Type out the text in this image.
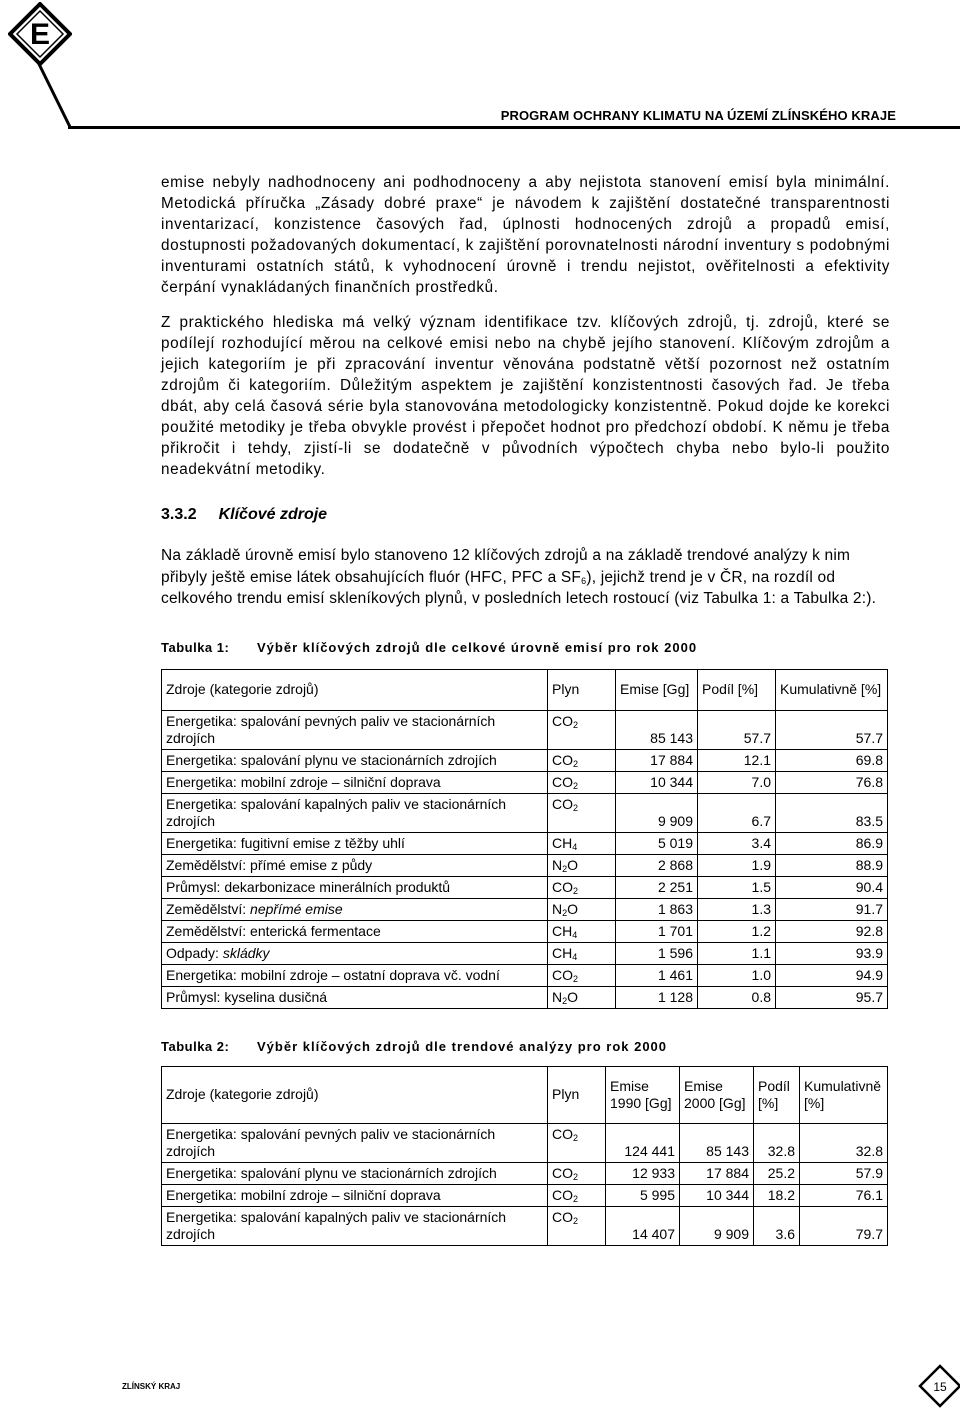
E
PROGRAM OCHRANY KLIMATU NA ÚZEMÍ ZLÍNSKÉHO KRAJE

emise nebyly nadhodnoceny ani podhodnoceny a aby nejistota stanovení emisí byla minimální. Metodická příručka „Zásady dobré praxe“ je návodem k zajištění dostatečné transparentnosti inventarizací, konzistence časových řad, úplnosti hodnocených zdrojů a propadů emisí, dostupnosti požadovaných dokumentací, k zajištění porovnatelnosti národní inventury s podobnými inventurami ostatních států, k vyhodnocení úrovně i trendu nejistot, ověřitelnosti a efektivity čerpání vynakládaných finančních prostředků.

Z praktického hlediska má velký význam identifikace tzv. klíčových zdrojů, tj. zdrojů, které se podílejí rozhodující měrou na celkové emisi nebo na chybě jejího stanovení. Klíčovým zdrojům a jejich kategoriím je při zpracování inventur věnována podstatně větší pozornost než ostatním zdrojům či kategoriím. Důležitým aspektem je zajištění konzistentnosti časových řad. Je třeba dbát, aby celá časová série byla stanovována metodologicky konzistentně. Pokud dojde ke korekci použité metodiky je třeba obvykle provést i přepočet hodnot pro předchozí období. K němu je třeba přikročit i tehdy, zjistí-li se dodatečně v původních výpočtech chyba nebo bylo-li použito neadekvátní metodiky.

3.3.2 Klíčové zdroje

Na základě úrovně emisí bylo stanoveno 12 klíčových zdrojů a na základě trendové analýzy k nim přibyly ještě emise látek obsahujících fluór (HFC, PFC a $SF_6$), jejichž trend je v ČR, na rozdíl od celkového trendu emisí skleníkových plynů, v posledních letech rostoucí (viz Tabulka 1: a Tabulka 2:).

Tabulka 1:	Výběr klíčových zdrojů dle celkové úrovně emisí pro rok 2000
Zdroje (kategorie zdrojů)	Plyn	Emise [Gg]	Podíl [%]	Kumulativně [%]
Energetika: spalování pevných paliv ve stacionárních zdrojích	$CO_2$	85 143	57.7	57.7
Energetika: spalování plynu ve stacionárních zdrojích	$CO_2$	17 884	12.1	69.8
Energetika: mobilní zdroje – silniční doprava	$CO_2$	10 344	7.0	76.8
Energetika: spalování kapalných paliv ve stacionárních zdrojích	$CO_2$	9 909	6.7	83.5
Energetika: fugitivní emise z těžby uhlí	$CH_4$	5 019	3.4	86.9
Zemědělství: přímé emise z půdy	$N_2O$	2 868	1.9	88.9
Průmysl: dekarbonizace minerálních produktů	$CO_2$	2 251	1.5	90.4
Zemědělství: nepřímé emise	$N_2O$	1 863	1.3	91.7
Zemědělství: enterická fermentace	$CH_4$	1 701	1.2	92.8
Odpady: skládky	$CH_4$	1 596	1.1	93.9
Energetika: mobilní zdroje – ostatní doprava vč. vodní	$CO_2$	1 461	1.0	94.9
Průmysl: kyselina dusičná	$N_2O$	1 128	0.8	95.7
Tabulka 2:	Výběr klíčových zdrojů dle trendové analýzy pro rok 2000
Zdroje (kategorie zdrojů)	Plyn	Emise 1990 [Gg]	Emise 2000 [Gg]	Podíl [%]	Kumulativně [%]
Energetika: spalování pevných paliv ve stacionárních zdrojích	$CO_2$	124 441	85 143	32.8	32.8
Energetika: spalování plynu ve stacionárních zdrojích	$CO_2$	12 933	17 884	25.2	57.9
Energetika: mobilní zdroje – silniční doprava	$CO_2$	5 995	10 344	18.2	76.1
Energetika: spalování kapalných paliv ve stacionárních zdrojích	$CO_2$	14 407	9 909	3.6	79.7
ZLÍNSKÝ KRAJ	15
